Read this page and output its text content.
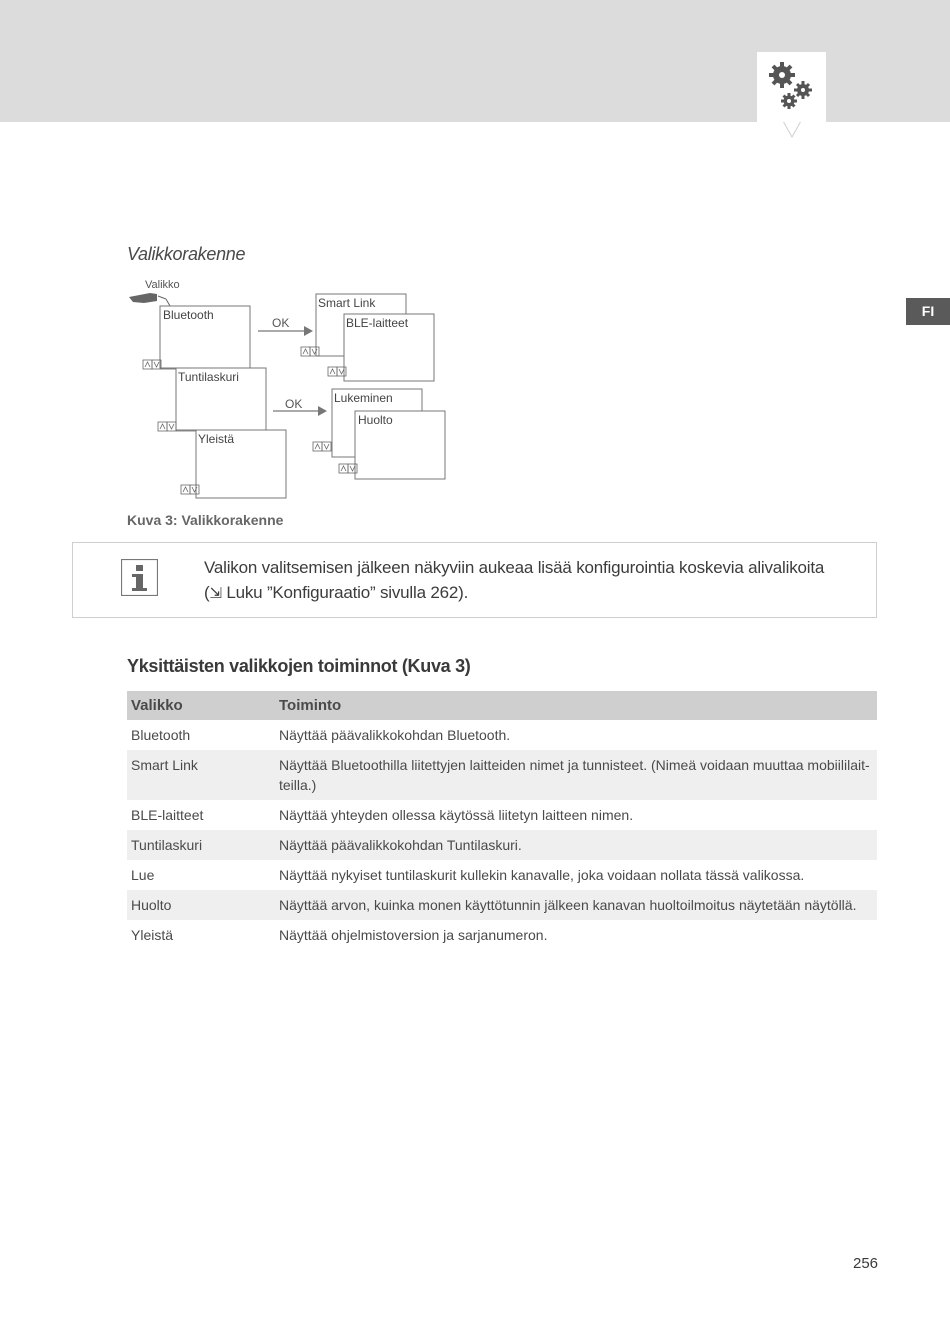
FI
Valikkorakenne
Valikko
Bluetooth
Tuntilaskuri
Yleistä
OK
OK
Smart Link
BLE-laitteet
Lukeminen
Huolto
Kuva 3: Valikkorakenne
Valikon valitsemisen jälkeen näkyviin aukeaa lisää konfigurointia koskevia alivalikoita
(⇲ Luku ”Konfiguraatio” sivulla 262).
Yksittäisten valikkojen toiminnot (Kuva 3)
Valikko	Toiminto
Bluetooth	Näyttää päävalikkokohdan Bluetooth.
Smart Link	Näyttää Bluetoothilla liitettyjen laitteiden nimet ja tunnisteet. (Nimeä voidaan muuttaa mobiililait-teilla.)
BLE-laitteet	Näyttää yhteyden ollessa käytössä liitetyn laitteen nimen.
Tuntilaskuri	Näyttää päävalikkokohdan Tuntilaskuri.
Lue	Näyttää nykyiset tuntilaskurit kullekin kanavalle, joka voidaan nollata tässä valikossa.
Huolto	Näyttää arvon, kuinka monen käyttötunnin jälkeen kanavan huoltoilmoitus näytetään näytöllä.
Yleistä	Näyttää ohjelmistoversion ja sarjanumeron.
256
